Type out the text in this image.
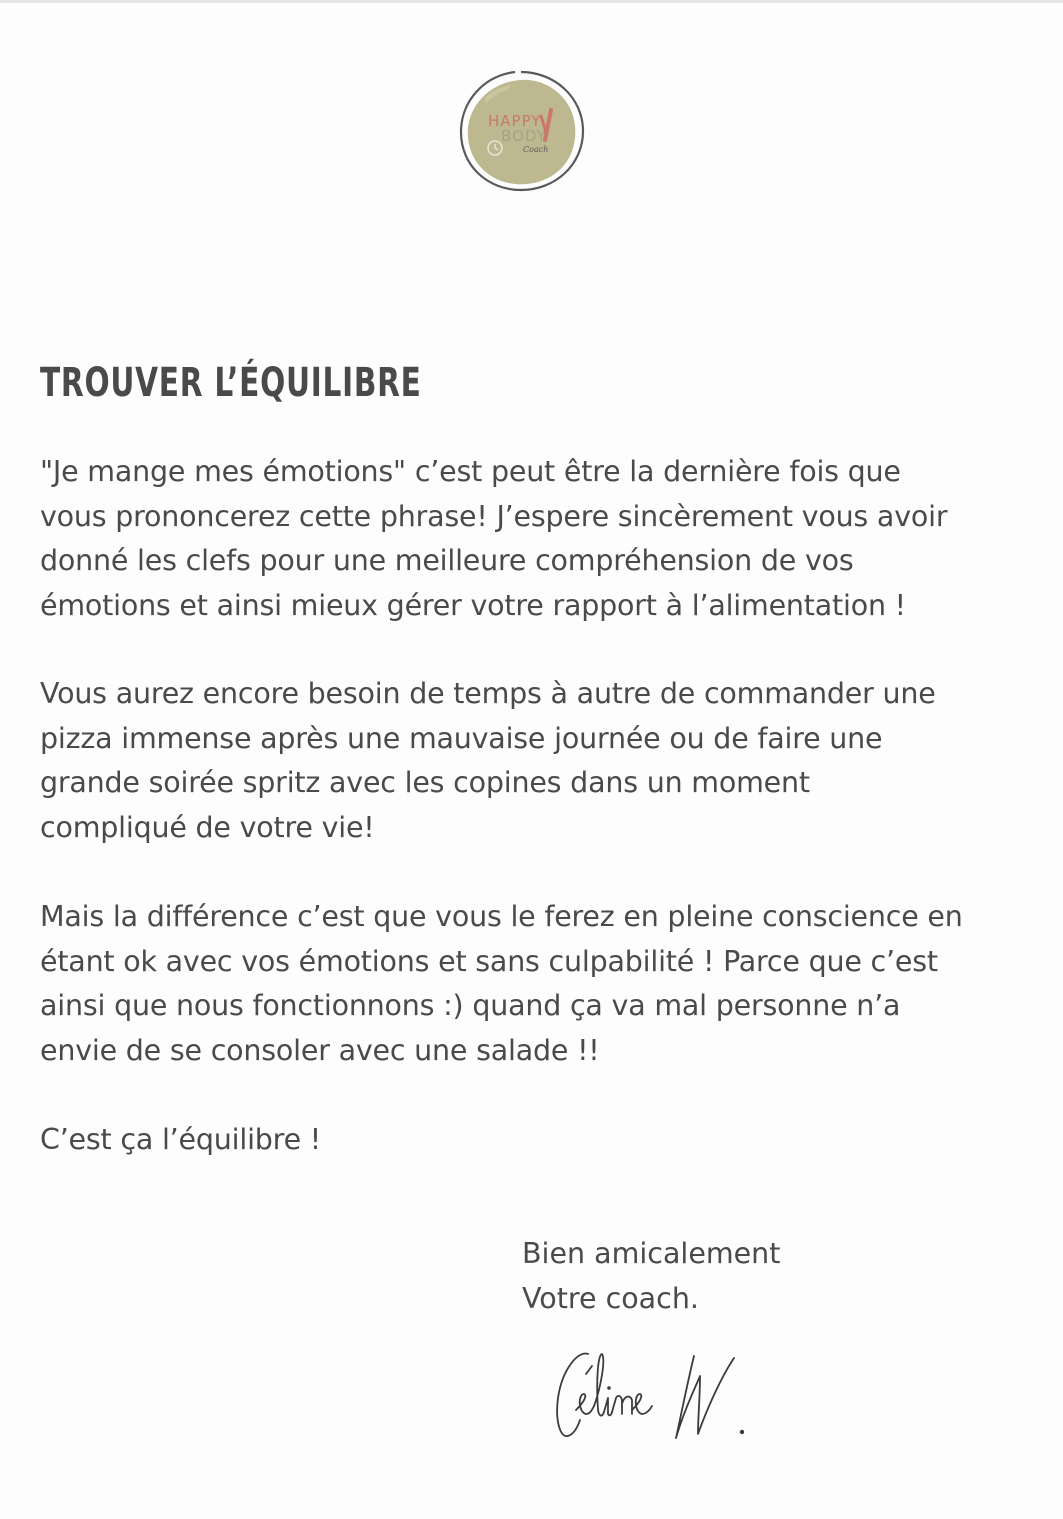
HAPPY
BODY
Coach
TROUVER L’ÉQUILIBRE

"Je mange mes émotions" c’est peut être la dernière fois que
vous prononcerez cette phrase! J’espere sincèrement vous avoir
donné les clefs pour une meilleure compréhension de vos
émotions et ainsi mieux gérer votre rapport à l’alimentation !

Vous aurez encore besoin de temps à autre de commander une
pizza immense après une mauvaise journée ou de faire une
grande soirée spritz avec les copines dans un moment
compliqué de votre vie!

Mais la différence c’est que vous le ferez en pleine conscience en
étant ok avec vos émotions et sans culpabilité ! Parce que c’est
ainsi que nous fonctionnons :) quand ça va mal personne n’a
envie de se consoler avec une salade !!

C’est ça l’équilibre !

Bien amicalement
Votre coach.
